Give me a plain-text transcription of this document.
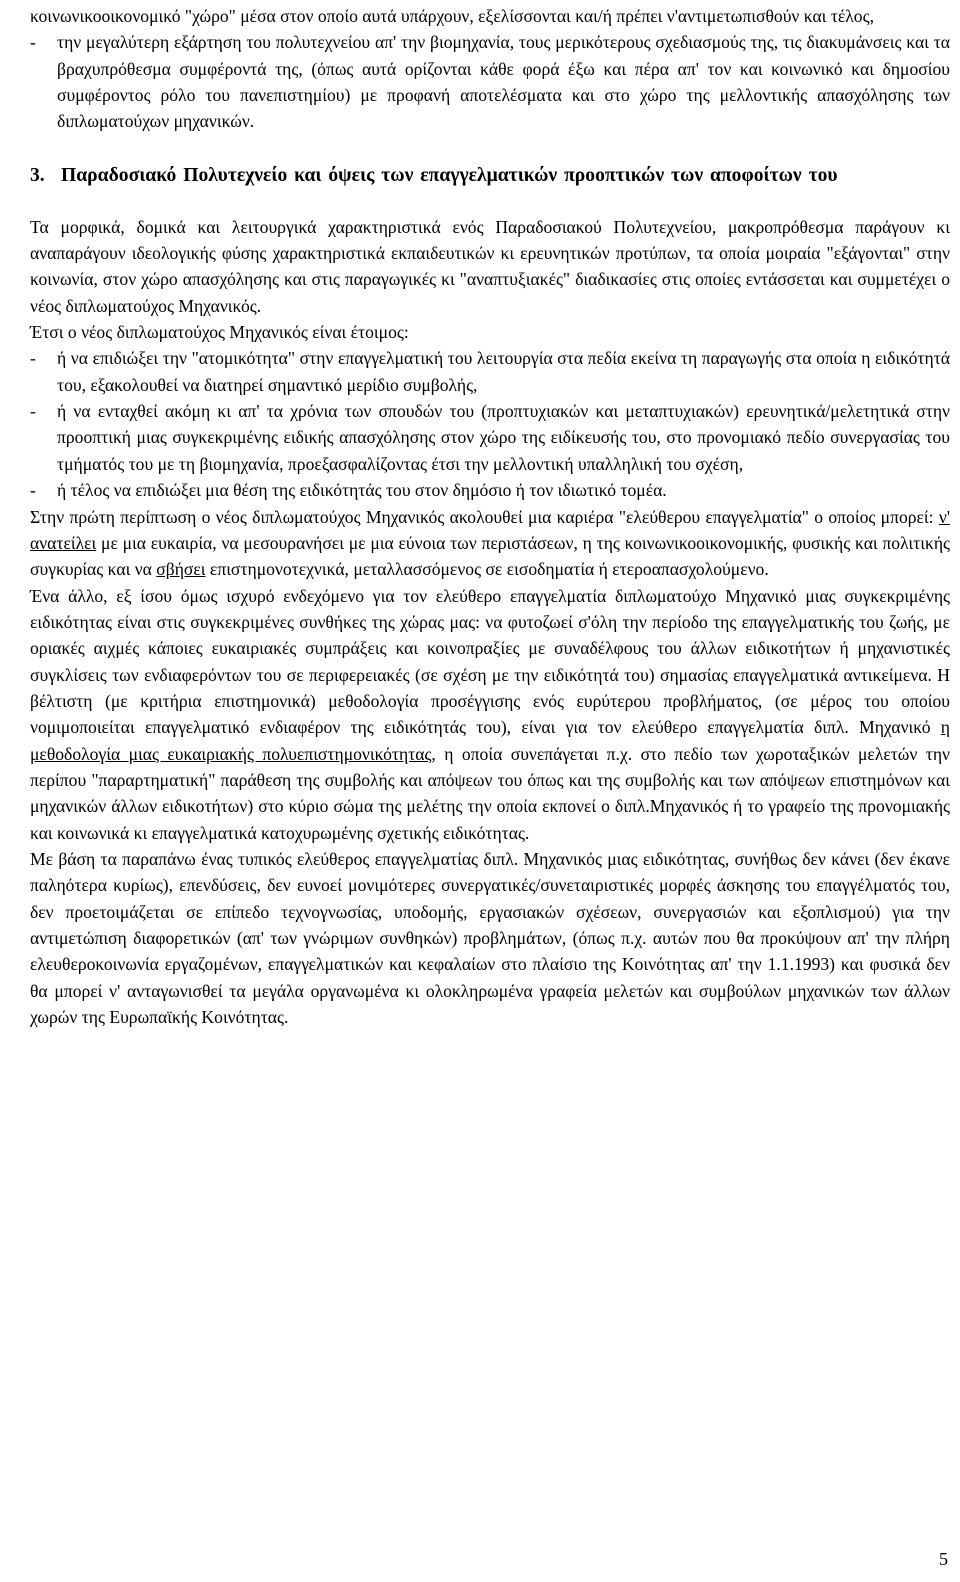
κοινωνικοοικονομικό "χώρο" μέσα στον οποίο αυτά υπάρχουν, εξελίσσονται και/ή πρέπει ν'αντιμετωπισθούν και τέλος,

-	την μεγαλύτερη εξάρτηση του πολυτεχνείου απ' την βιομηχανία, τους μερικότερους σχεδιασμούς της, τις διακυμάνσεις και τα βραχυπρόθεσμα συμφέροντά της, (όπως αυτά ορίζονται κάθε φορά έξω και πέρα απ' τον και κοινωνικό και δημοσίου συμφέροντος ρόλο του πανεπιστημίου) με προφανή αποτελέσματα και στο χώρο της μελλοντικής απασχόλησης των διπλωματούχων μηχανικών.
3. Παραδοσιακό Πολυτεχνείο και όψεις των επαγγελματικών προοπτικών των αποφοίτων του

Τα μορφικά, δομικά και λειτουργικά χαρακτηριστικά ενός Παραδοσιακού Πολυτεχνείου, μακροπρόθεσμα παράγουν κι αναπαράγουν ιδεολογικής φύσης χαρακτηριστικά εκπαιδευτικών κι ερευνητικών προτύπων, τα οποία μοιραία "εξάγονται" στην κοινωνία, στον χώρο απασχόλησης και στις παραγωγικές κι "αναπτυξιακές" διαδικασίες στις οποίες εντάσσεται και συμμετέχει ο νέος διπλωματούχος Μηχανικός.

Έτσι ο νέος διπλωματούχος Μηχανικός είναι έτοιμος:

-	ή να επιδιώξει την "ατομικότητα" στην επαγγελματική του λειτουργία στα πεδία εκείνα τη παραγωγής στα οποία η ειδικότητά του, εξακολουθεί να διατηρεί σημαντικό μερίδιο συμβολής,
-	ή να ενταχθεί ακόμη κι απ' τα χρόνια των σπουδών του (προπτυχιακών και μεταπτυχιακών) ερευνητικά/μελετητικά στην προοπτική μιας συγκεκριμένης ειδικής απασχόλησης στον χώρο της ειδίκευσής του, στο προνομιακό πεδίο συνεργασίας του τμήματός του με τη βιομηχανία, προεξασφαλίζοντας έτσι την μελλοντική υπαλληλική του σχέση,
-	ή τέλος να επιδιώξει μια θέση της ειδικότητάς του στον δημόσιο ή τον ιδιωτικό τομέα.

Στην πρώτη περίπτωση ο νέος διπλωματούχος Μηχανικός ακολουθεί μια καριέρα "ελεύθερου επαγγελματία" ο οποίος μπορεί: ν' ανατείλει με μια ευκαιρία, να μεσουρανήσει με μια εύνοια των περιστάσεων, η της κοινωνικοοικονομικής, φυσικής και πολιτικής συγκυρίας και να σβήσει επιστημονοτεχνικά, μεταλλασσόμενος σε εισοδηματία ή ετεροαπασχολούμενο.

Ένα άλλο, εξ ίσου όμως ισχυρό ενδεχόμενο για τον ελεύθερο επαγγελματία διπλωματούχο Μηχανικό μιας συγκεκριμένης ειδικότητας είναι στις συγκεκριμένες συνθήκες της χώρας μας: να φυτοζωεί σ'όλη την περίοδο της επαγγελματικής του ζωής, με οριακές αιχμές κάποιες ευκαιριακές συμπράξεις και κοινοπραξίες με συναδέλφους του άλλων ειδικοτήτων ή μηχανιστικές συγκλίσεις των ενδιαφερόντων του σε περιφερειακές (σε σχέση με την ειδικότητά του) σημασίας επαγγελματικά αντικείμενα. Η βέλτιστη (με κριτήρια επιστημονικά) μεθοδολογία προσέγγισης ενός ευρύτερου προβλήματος, (σε μέρος του οποίου νομιμοποιείται επαγγελματικό ενδιαφέρον της ειδικότητάς του), είναι για τον ελεύθερο επαγγελματία διπλ. Μηχανικό η μεθοδολογία μιας ευκαιριακής πολυεπιστημονικότητας, η οποία συνεπάγεται π.χ. στο πεδίο των χωροταξικών μελετών την περίπου "παραρτηματική" παράθεση της συμβολής και απόψεων του όπως και της συμβολής και των απόψεων επιστημόνων και μηχανικών άλλων ειδικοτήτων) στο κύριο σώμα της μελέτης την οποία εκπονεί ο διπλ.Μηχανικός ή το γραφείο της προνομιακής και κοινωνικά κι επαγγελματικά κατοχυρωμένης σχετικής ειδικότητας.

Με βάση τα παραπάνω ένας τυπικός ελεύθερος επαγγελματίας διπλ. Μηχανικός μιας ειδικότητας, συνήθως δεν κάνει (δεν έκανε παληότερα κυρίως), επενδύσεις, δεν ευνοεί μονιμότερες συνεργατικές/συνεταιριστικές μορφές άσκησης του επαγγέλματός του, δεν προετοιμάζεται σε επίπεδο τεχνογνωσίας, υποδομής, εργασιακών σχέσεων, συνεργασιών και εξοπλισμού) για την αντιμετώπιση διαφορετικών (απ' των γνώριμων συνθηκών) προβλημάτων, (όπως π.χ. αυτών που θα προκύψουν απ' την πλήρη ελευθεροκοινωνία εργαζομένων, επαγγελματικών και κεφαλαίων στο πλαίσιο της Κοινότητας απ' την 1.1.1993) και φυσικά δεν θα μπορεί ν' ανταγωνισθεί τα μεγάλα οργανωμένα κι ολοκληρωμένα γραφεία μελετών και συμβούλων μηχανικών των άλλων χωρών της Ευρωπαϊκής Κοινότητας.

5
